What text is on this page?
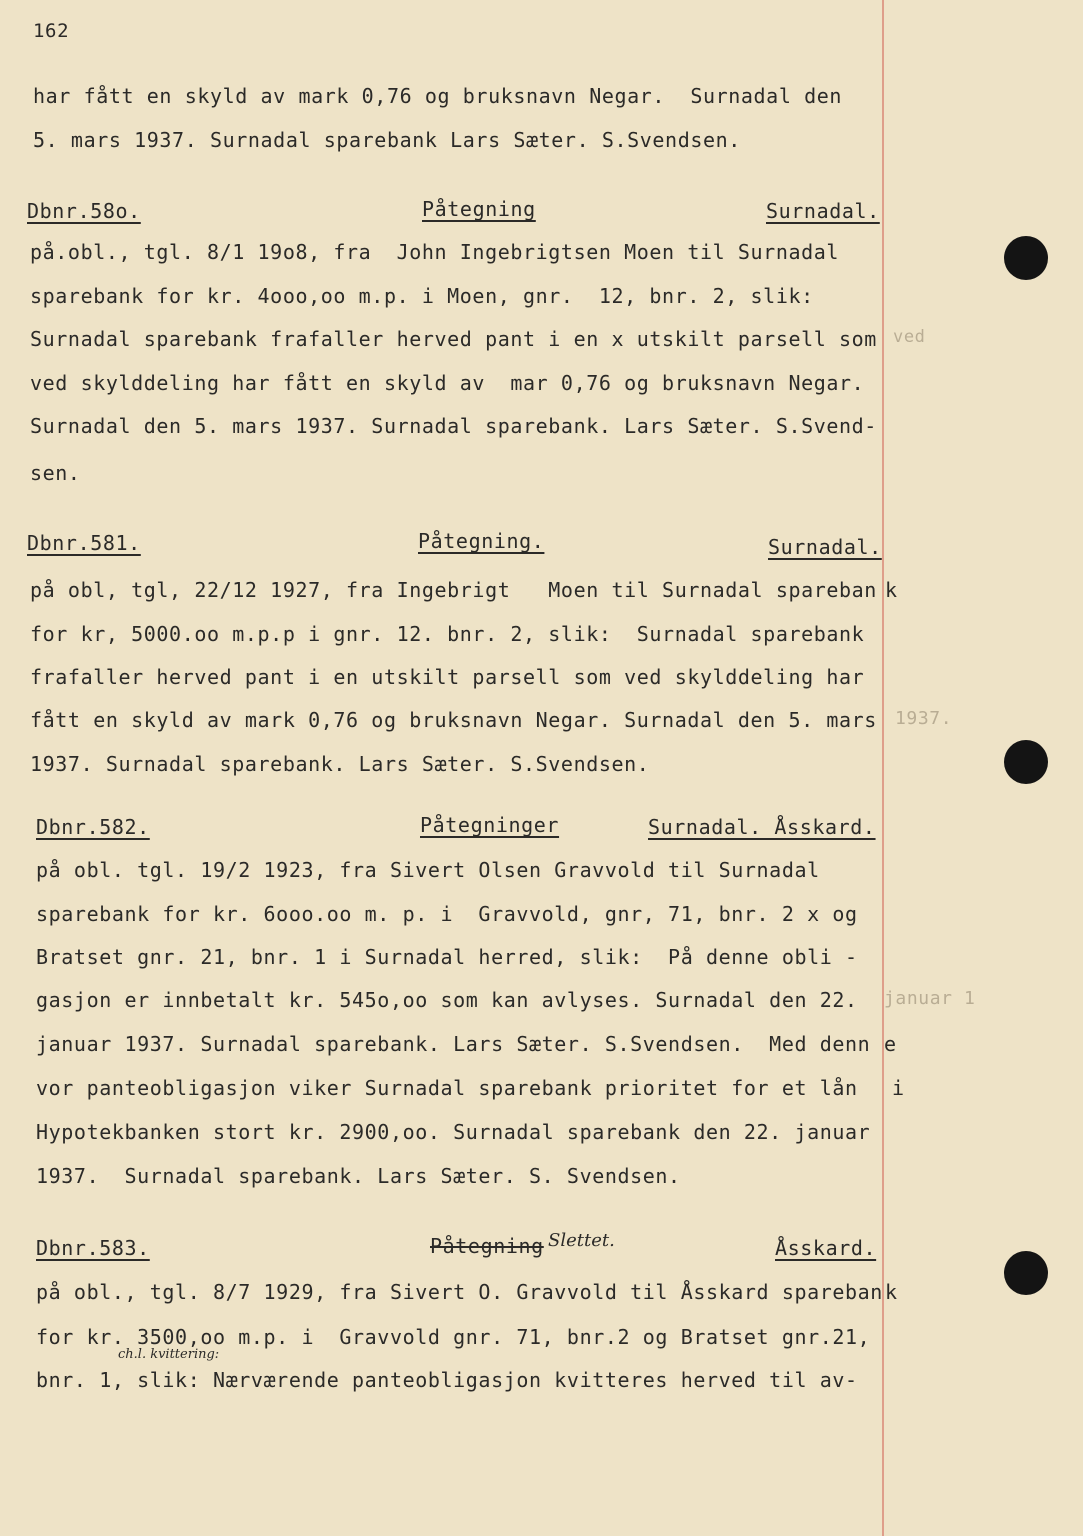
162
har fått en skyld av mark 0,76 og bruksnavn Negar.  Surnadal den
5. mars 1937. Surnadal sparebank Lars Sæter. S.Svendsen.
Dbnr.58o.	Påtegning	Surnadal.
på.obl., tgl. 8/1 19o8, fra  John Ingebrigtsen Moen til Surnadal
sparebank for kr. 4ooo,oo m.p. i Moen, gnr.  12, bnr. 2, slik:
Surnadal sparebank frafaller herved pant i en x utskilt parsell som ved
ved skylddeling har fått en skyld av  mar 0,76 og bruksnavn Negar.
Surnadal den 5. mars 1937. Surnadal sparebank. Lars Sæter. S.Svend-
sen.
Dbnr.581.	Påtegning.	Surnadal.
på obl, tgl, 22/12 1927, fra Ingebrigt   Moen til Surnadal spareban k
for kr, 5000.oo m.p.p i gnr. 12. bnr. 2, slik:  Surnadal sparebank
frafaller herved pant i en utskilt parsell som ved skylddeling har
fått en skyld av mark 0,76 og bruksnavn Negar. Surnadal den 5. mars 1937.
1937. Surnadal sparebank. Lars Sæter. S.Svendsen.
Dbnr.582.	Påtegninger	Surnadal. Åsskard.
på obl. tgl. 19/2 1923, fra Sivert Olsen Gravvold til Surnadal
sparebank for kr. 6ooo.oo m. p. i  Gravvold, gnr, 71, bnr. 2 x og
Bratset gnr. 21, bnr. 1 i Surnadal herred, slik:  På denne obli -
gasjon er innbetalt kr. 545o,oo som kan avlyses. Surnadal den 22. januar 1
januar 1937. Surnadal sparebank. Lars Sæter. S.Svendsen.  Med denn e
vor panteobligasjon viker Surnadal sparebank prioritet for et lån i
Hypotekbanken stort kr. 2900,oo. Surnadal sparebank den 22. januar
1937.  Surnadal sparebank. Lars Sæter. S. Svendsen.
Dbnr.583.	Påtegning Slettet.	Åsskard.
på obl., tgl. 8/7 1929, fra Sivert O. Gravvold til Åsskard spareban k
for kr. 3500,oo m.p. i  Gravvold gnr. 71, bnr.2 og Bratset gnr.21,
ch.l. kvittering:
bnr. 1, slik: Nærværende panteobligasjon kvitteres herved til av-
